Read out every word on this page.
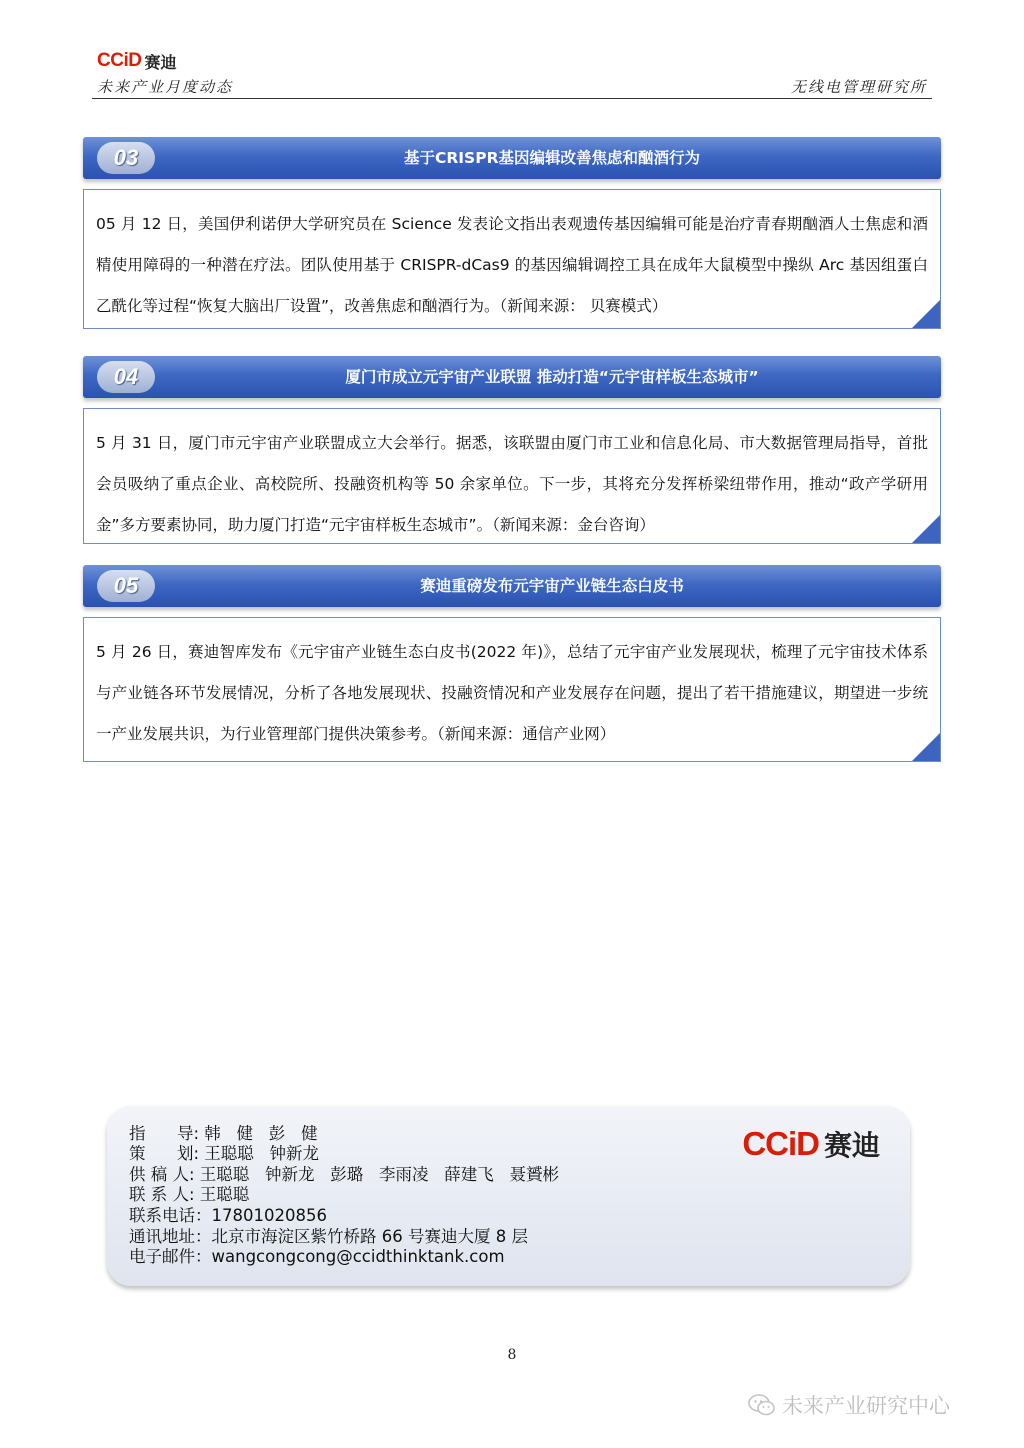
CCiD 赛迪
未来产业月度动态	无线电管理研究所
03	基于CRISPR基因编辑改善焦虑和酗酒行为

05 月 12 日，美国伊利诺伊大学研究员在 Science 发表论文指出表观遗传基因编辑可能是治疗青春期酗酒人士焦虑和酒精使用障碍的一种潜在疗法。团队使用基于 CRISPR-dCas9 的基因编辑调控工具在成年大鼠模型中操纵 Arc 基因组蛋白乙酰化等过程“恢复大脑出厂设置”，改善焦虑和酗酒行为。（新闻来源： 贝赛模式）

04	厦门市成立元宇宙产业联盟 推动打造“元宇宙样板生态城市”

5 月 31 日，厦门市元宇宙产业联盟成立大会举行。据悉，该联盟由厦门市工业和信息化局、市大数据管理局指导，首批会员吸纳了重点企业、高校院所、投融资机构等 50 余家单位。下一步，其将充分发挥桥梁纽带作用，推动“政产学研用金”多方要素协同，助力厦门打造“元宇宙样板生态城市”。（新闻来源：金台咨询）

05	赛迪重磅发布元宇宙产业链生态白皮书

5 月 26 日，赛迪智库发布《元宇宙产业链生态白皮书(2022 年)》，总结了元宇宙产业发展现状，梳理了元宇宙技术体系与产业链各环节发展情况，分析了各地发展现状、投融资情况和产业发展存在问题，提出了若干措施建议，期望进一步统一产业发展共识，为行业管理部门提供决策参考。（新闻来源：通信产业网）

指      导: 韩   健   彭   健
策      划: 王聪聪   钟新龙
供 稿 人: 王聪聪   钟新龙   彭璐   李雨凌   薛建飞   聂贇彬
联 系 人: 王聪聪
联系电话：17801020856
通讯地址：北京市海淀区紫竹桥路 66 号赛迪大厦 8 层
电子邮件：wangcongcong@ccidthinktank.com
CCiD 赛迪
8
未来产业研究中心
